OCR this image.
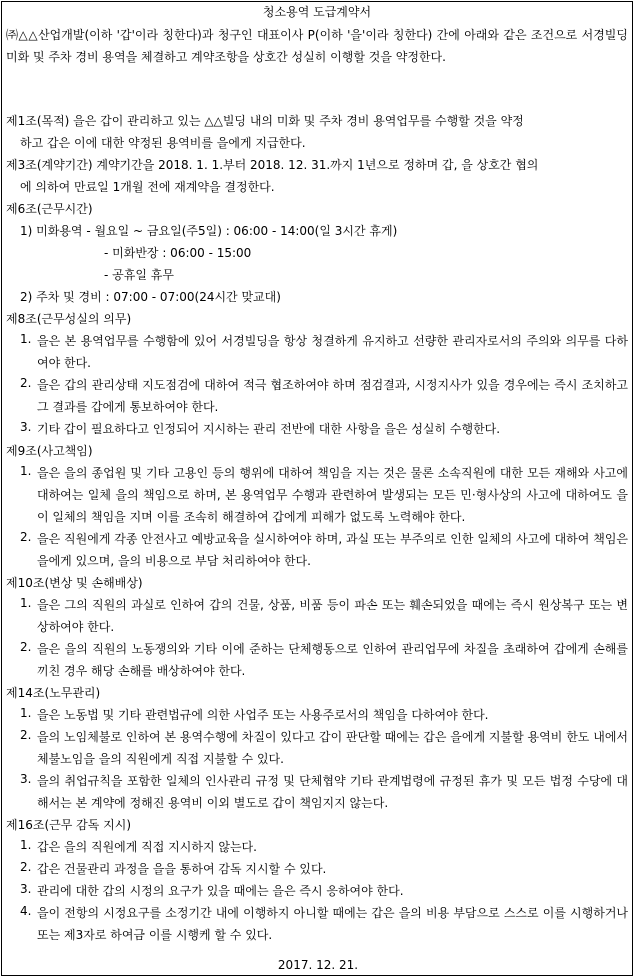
청소용역 도급계약서
㈜△△산업개발(이하 '갑'이라 칭한다)과 청구인 대표이사 P(이하 '을'이라 칭한다) 간에 아래와 같은 조건으로 서경빌딩 미화 및 주차 경비 용역을 체결하고 계약조항을 상호간 성실히 이행할 것을 약정한다.
제1조(목적) 을은 갑이 관리하고 있는 △△빌딩 내의 미화 및 주차 경비 용역업무를 수행할 것을 약정
하고 갑은 이에 대한 약정된 용역비를 을에게 지급한다.
제3조(계약기간) 계약기간을 2018. 1. 1.부터 2018. 12. 31.까지 1년으로 정하며 갑, 을 상호간 협의
에 의하여 만료일 1개월 전에 재계약을 결정한다.
제6조(근무시간)
1) 미화용역 - 월요일 ~ 금요일(주5일) : 06:00 - 14:00(일 3시간 휴게)
- 미화반장 : 06:00 - 15:00
- 공휴일 휴무
2) 주차 및 경비 : 07:00 - 07:00(24시간 맞교대)
제8조(근무성실의 의무)
1. 을은 본 용역업무를 수행함에 있어 서경빌딩을 항상 청결하게 유지하고 선량한 관리자로서의 주의와 의무를 다하여야 한다.
2. 을은 갑의 관리상태 지도점검에 대하여 적극 협조하여야 하며 점검결과, 시정지사가 있을 경우에는 즉시 조치하고 그 결과를 갑에게 통보하여야 한다.
3. 기타 갑이 필요하다고 인정되어 지시하는 관리 전반에 대한 사항을 을은 성실히 수행한다.
제9조(사고책임)
1. 을은 을의 종업원 및 기타 고용인 등의 행위에 대하여 책임을 지는 것은 물론 소속직원에 대한 모든 재해와 사고에 대하여는 일체 을의 책임으로 하며, 본 용역업무 수행과 관련하여 발생되는 모든 민·형사상의 사고에 대하여도 을이 일체의 책임을 지며 이를 조속히 해결하여 갑에게 피해가 없도록 노력해야 한다.
2. 을은 직원에게 각종 안전사고 예방교육을 실시하여야 하며, 과실 또는 부주의로 인한 일체의 사고에 대하여 책임은 을에게 있으며, 을의 비용으로 부담 처리하여야 한다.
제10조(변상 및 손해배상)
1. 을은 그의 직원의 과실로 인하여 갑의 건물, 상품, 비품 등이 파손 또는 훼손되었을 때에는 즉시 원상복구 또는 변상하여야 한다.
2. 을은 을의 직원의 노동쟁의와 기타 이에 준하는 단체행동으로 인하여 관리업무에 차질을 초래하여 갑에게 손해를 끼친 경우 해당 손해를 배상하여야 한다.
제14조(노무관리)
1. 을은 노동법 및 기타 관련법규에 의한 사업주 또는 사용주로서의 책임을 다하여야 한다.
2. 을의 노임체불로 인하여 본 용역수행에 차질이 있다고 갑이 판단할 때에는 갑은 을에게 지불할 용역비 한도 내에서 체불노임을 을의 직원에게 직접 지불할 수 있다.
3. 을의 취업규칙을 포함한 일체의 인사관리 규정 및 단체협약 기타 관계법령에 규정된 휴가 및 모든 법정 수당에 대해서는 본 계약에 정해진 용역비 이외 별도로 갑이 책임지지 않는다.
제16조(근무 감독 지시)
1. 갑은 을의 직원에게 직접 지시하지 않는다.
2. 갑은 건물관리 과정을 을을 통하여 감독 지시할 수 있다.
3. 관리에 대한 갑의 시정의 요구가 있을 때에는 을은 즉시 응하여야 한다.
4. 을이 전항의 시정요구를 소정기간 내에 이행하지 아니할 때에는 갑은 을의 비용 부담으로 스스로 이를 시행하거나 또는 제3자로 하여금 이를 시행케 할 수 있다.
2017. 12. 21.
